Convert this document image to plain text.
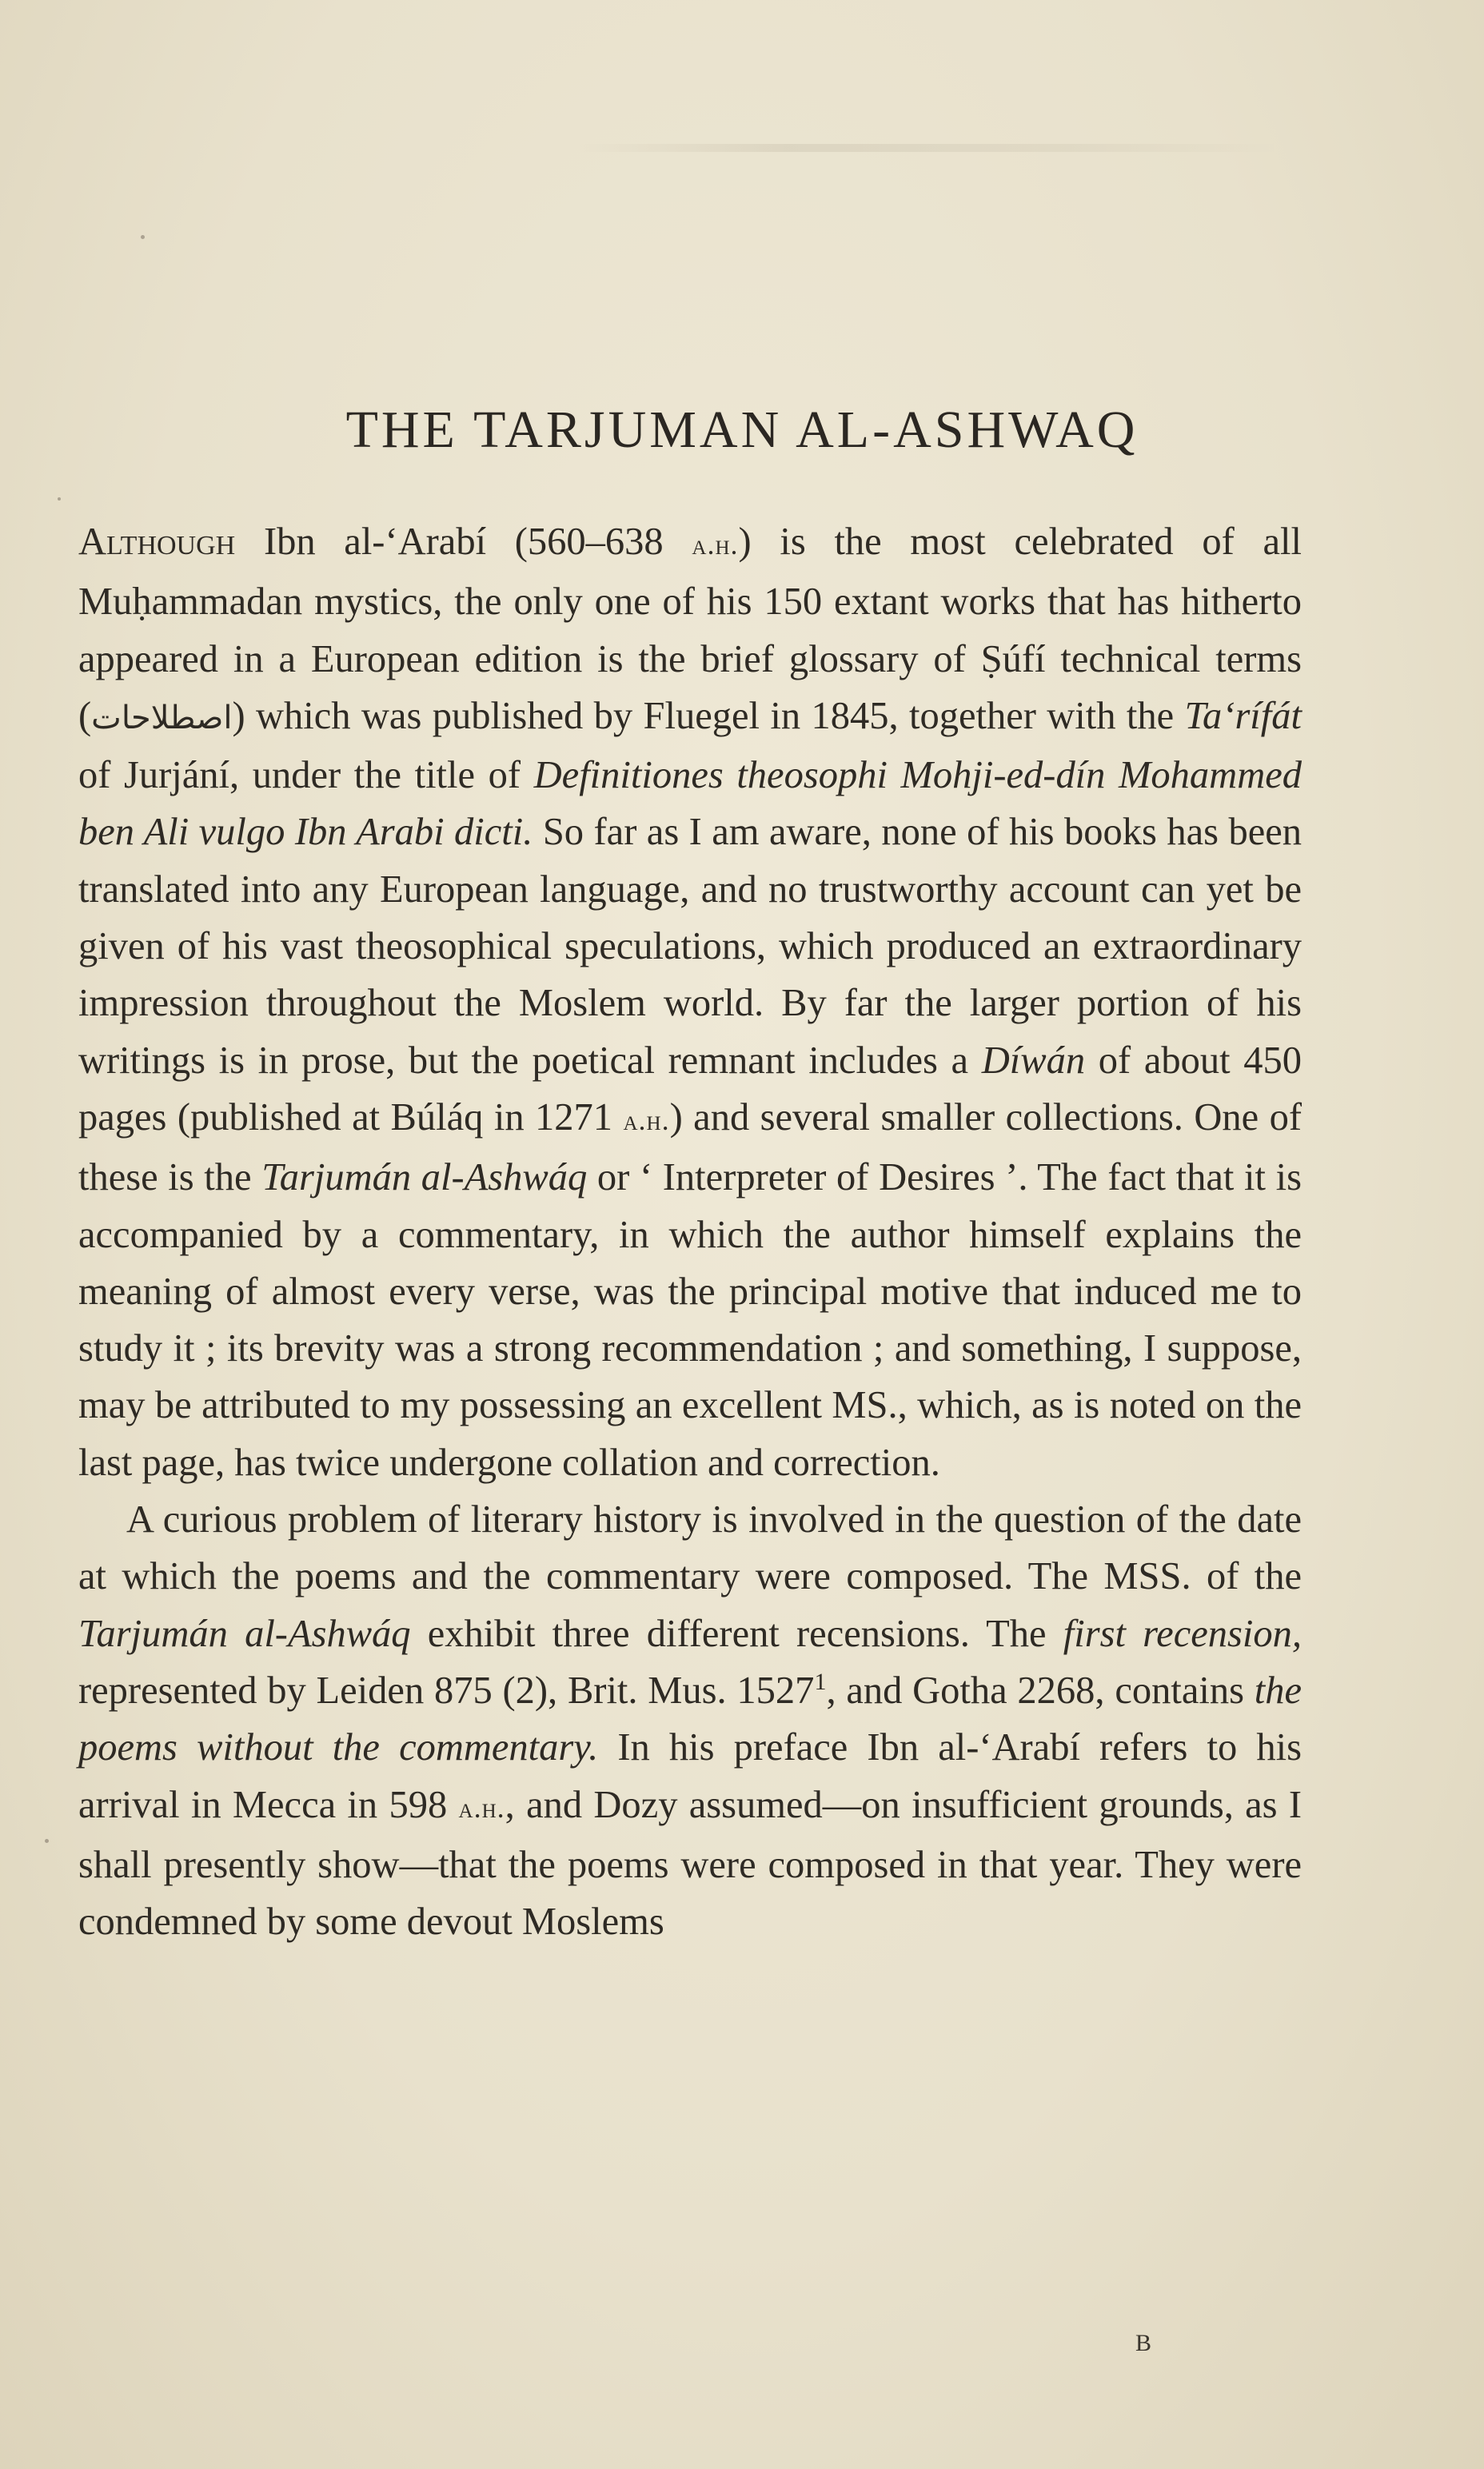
THE TARJUMAN AL-ASHWAQ

Although Ibn al-‘Arabí (560–638 a.h.) is the most celebrated of all Muḥammadan mystics, the only one of his 150 extant works that has hitherto appeared in a European edition is the brief glossary of Ṣúfí technical terms (اصطلاحات) which was published by Fluegel in 1845, together with the Ta‘rífát of Jurjání, under the title of Definitiones theosophi Mohji-ed-dín Mohammed ben Ali vulgo Ibn Arabi dicti. So far as I am aware, none of his books has been translated into any European language, and no trustworthy account can yet be given of his vast theosophical speculations, which produced an extraordinary impression throughout the Moslem world. By far the larger portion of his writings is in prose, but the poetical remnant includes a Díwán of about 450 pages (published at Búláq in 1271 a.h.) and several smaller collections. One of these is the Tarjumán al-Ashwáq or ‘ Interpreter of Desires ’. The fact that it is accompanied by a commentary, in which the author himself explains the meaning of almost every verse, was the principal motive that induced me to study it ; its brevity was a strong recommendation ; and something, I suppose, may be attributed to my possessing an excellent MS., which, as is noted on the last page, has twice undergone collation and correction.

A curious problem of literary history is involved in the question of the date at which the poems and the commentary were composed. The MSS. of the Tarjumán al-Ashwáq exhibit three different recensions. The first recension, represented by Leiden 875 (2), Brit. Mus. 1527$^1$, and Gotha 2268, contains the poems without the commentary. In his preface Ibn al-‘Arabí refers to his arrival in Mecca in 598 a.h., and Dozy assumed—on insufficient grounds, as I shall presently show—that the poems were composed in that year. They were condemned by some devout Moslems

B
